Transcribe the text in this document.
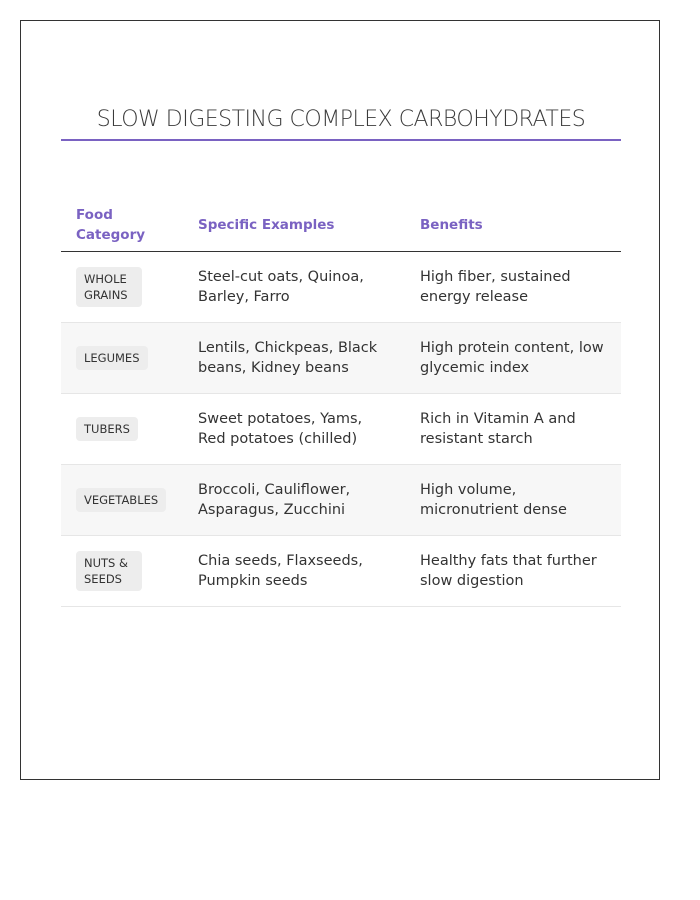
SLOW DIGESTING COMPLEX CARBOHYDRATES
Food Category	Specific Examples	Benefits
WHOLE GRAINS	Steel-cut oats, Quinoa, Barley, Farro	High fiber, sustained energy release
LEGUMES	Lentils, Chickpeas, Black beans, Kidney beans	High protein content, low glycemic index
TUBERS	Sweet potatoes, Yams, Red potatoes (chilled)	Rich in Vitamin A and resistant starch
VEGETABLES	Broccoli, Cauliflower, Asparagus, Zucchini	High volume, micronutrient dense
NUTS & SEEDS	Chia seeds, Flaxseeds, Pumpkin seeds	Healthy fats that further slow digestion
